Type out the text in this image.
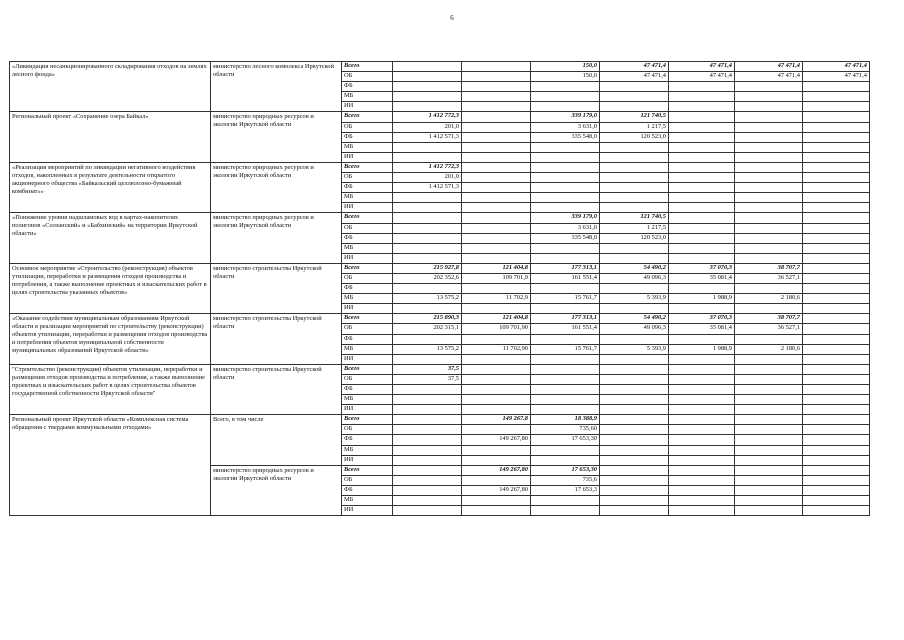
6
«Ликвидация несанкционированного складирования отходов на землях лесного фонда»	министерство лесного комплекса Иркутской области	Всего			150,0	47 471,4	47 471,4	47 471,4	47 471,4
		ОБ			150,0	47 471,4	47 471,4	47 471,4	47 471,4
		ФБ							
		МБ							
		ИИ							
Региональный проект «Сохранение озера Байкал»	министерство природных ресурсов и экологии Иркутской области	Всего	1 412 772,3		339 179,0	121 740,5			
		ОБ	201,0		3 631,0	1 217,5			
		ФБ	1 412 571,3		335 548,0	120 523,0			
		МБ							
		ИИ							
«Реализация мероприятий по ликвидации негативного воздействия отходов, накопленных в результате деятельности открытого акционерного общества «Байкальский целлюлозно-бумажный комбинат»»	министерство природных ресурсов и экологии Иркутской области	Всего	1 412 772,3						
		ОБ	201,0						
		ФБ	1 412 571,3						
		МБ							
		ИИ							
«Понижение уровня надшламовых вод в картах-накопителях полигонов «Солзанский» и «Бабхинский» на территории Иркутской области»	министерство природных ресурсов и экологии Иркутской области	Всего			339 179,0	121 740,5			
		ОБ			3 631,0	1 217,5			
		ФБ			335 548,0	120 523,0			
		МБ							
		ИИ							
Основное мероприятие «Строительство (реконструкция) объектов утилизации, переработки и размещения отходов производства и потребления, а также выполнение проектных и изыскательских работ в целях строительства указанных объектов»	министерство строительства Иркутской области	Всего	215 927,8	121 404,8	177 313,1	54 490,2	37 070,3	38 707,7	
		ОБ	202 352,6	109 701,9	161 551,4	49 096,3	35 081,4	36 527,1	
		ФБ							
		МБ	13 575,2	11 702,9	15 761,7	5 393,9	1 988,9	2 180,6	
		ИИ							
«Оказание содействия муниципальным образованиям Иркутской области в реализации мероприятий по строительству (реконструкции) объектов утилизации, переработки и размещения отходов производства и потребления объектов муниципальной собственности муниципальных образований Иркутской области»	министерство строительства Иркутской области	Всего	215 890,3	121 404,8	177 313,1	54 490,2	37 070,3	38 707,7	
		ОБ	202 315,1	109 701,90	161 551,4	49 096,3	35 081,4	36 527,1	
		ФБ							
		МБ	13 575,2	11 702,90	15 761,7	5 393,9	1 988,9	2 180,6	
		ИИ							
"Строительство (реконструкция) объектов утилизации, переработки и размещения отходов производства и потребления, а также выполнение проектных и изыскательских работ в целях строительства объектов государственной собственности Иркутской области"	министерство строительства Иркутской области	Всего	37,5						
		ОБ	37,5						
		ФБ							
		МБ							
		ИИ							
Региональный проект Иркутской области «Комплексная система обращения с твердыми коммунальными отходами»	Всего, в том числе	Всего		149 267,8	18 388,9				
		ОБ			735,60				
		ФБ		149 267,80	17 653,30				
		МБ							
		ИИ							
	министерство природных ресурсов и экологии Иркутской области	Всего		149 267,80	17 653,30				
		ОБ			735,6				
		ФБ		149 267,80	17 653,3				
		МБ							
		ИИ							
